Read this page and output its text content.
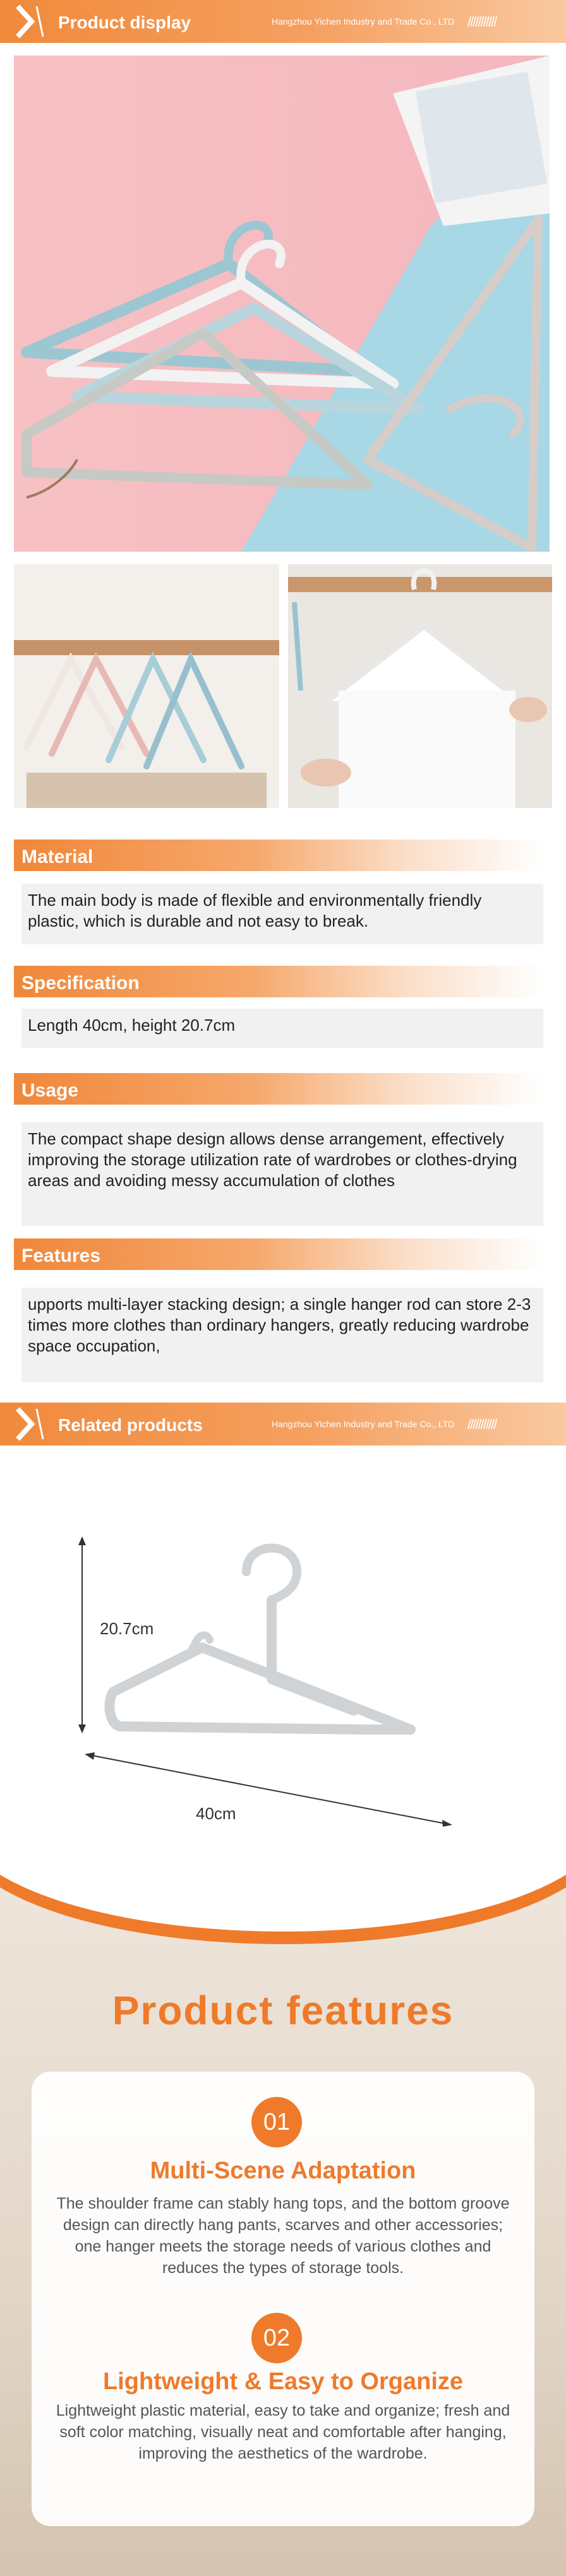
Product display	Hangzhou Yichen Industry and Trade Co., LTD ///////////
Material
The main body is made of flexible and environmentally friendly plastic, which is durable and not easy to break.
Specification
Length 40cm, height 20.7cm
Usage
The compact shape design allows dense arrangement, effectively improving the storage utilization rate of wardrobes or clothes-drying areas and avoiding messy accumulation of clothes
Features
upports multi-layer stacking design; a single hanger rod can store 2-3 times more clothes than ordinary hangers, greatly reducing wardrobe space occupation,
Related products	Hangzhou Yichen Industry and Trade Co., LTD ///////////
20.7cm
40cm
Product features
01
Multi-Scene Adaptation
The shoulder frame can stably hang tops, and the bottom groove design can directly hang pants, scarves and other accessories; one hanger meets the storage needs of various clothes and reduces the types of storage tools.
02
Lightweight & Easy to Organize
Lightweight plastic material, easy to take and organize; fresh and soft color matching, visually neat and comfortable after hanging, improving the aesthetics of the wardrobe.
